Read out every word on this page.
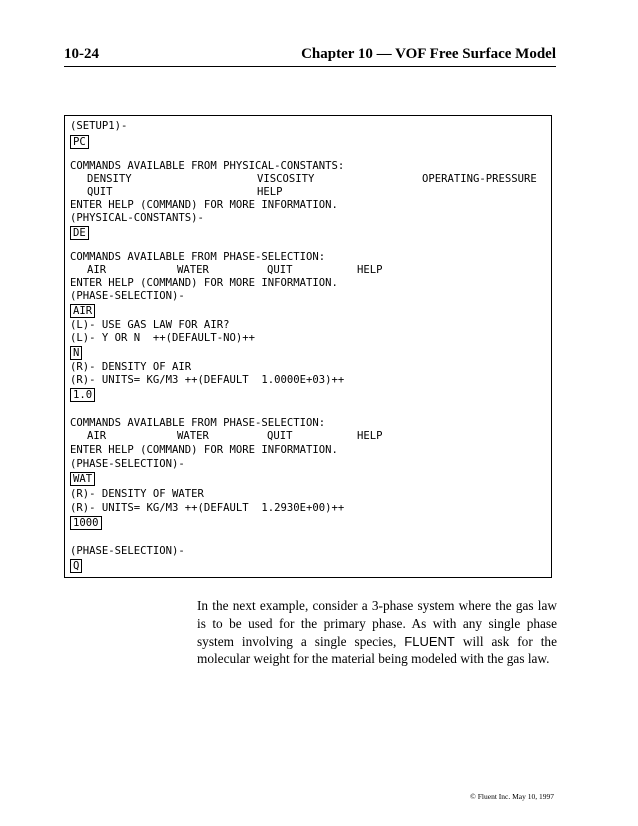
10-24	Chapter 10 — VOF Free Surface Model
(SETUP1)-
PC
COMMANDS AVAILABLE FROM PHYSICAL-CONSTANTS:

DENSITY

	VISCOSITY

	OPERATING-PRESSURE

QUIT

	HELP

ENTER HELP (COMMAND) FOR MORE INFORMATION.
(PHYSICAL-CONSTANTS)-
DE
COMMANDS AVAILABLE FROM PHASE-SELECTION:

AIR

	WATER

	QUIT

	HELP

ENTER HELP (COMMAND) FOR MORE INFORMATION.
(PHASE-SELECTION)-
AIR
(L)- USE GAS LAW FOR AIR?
(L)- Y OR N  ++(DEFAULT-NO)++
N
(R)- DENSITY OF AIR
(R)- UNITS= KG/M3 ++(DEFAULT  1.0000E+03)++
1.0
COMMANDS AVAILABLE FROM PHASE-SELECTION:

AIR

	WATER

	QUIT

	HELP

ENTER HELP (COMMAND) FOR MORE INFORMATION.
(PHASE-SELECTION)-
WAT
(R)- DENSITY OF WATER
(R)- UNITS= KG/M3 ++(DEFAULT  1.2930E+00)++
1000
(PHASE-SELECTION)-
Q

In the next example, consider a 3-phase system where the gas law is to be used for the primary phase. As with any single phase system involving a single species, FLUENT will ask for the molecular weight for the material being modeled with the gas law.

© Fluent Inc. May 10, 1997
